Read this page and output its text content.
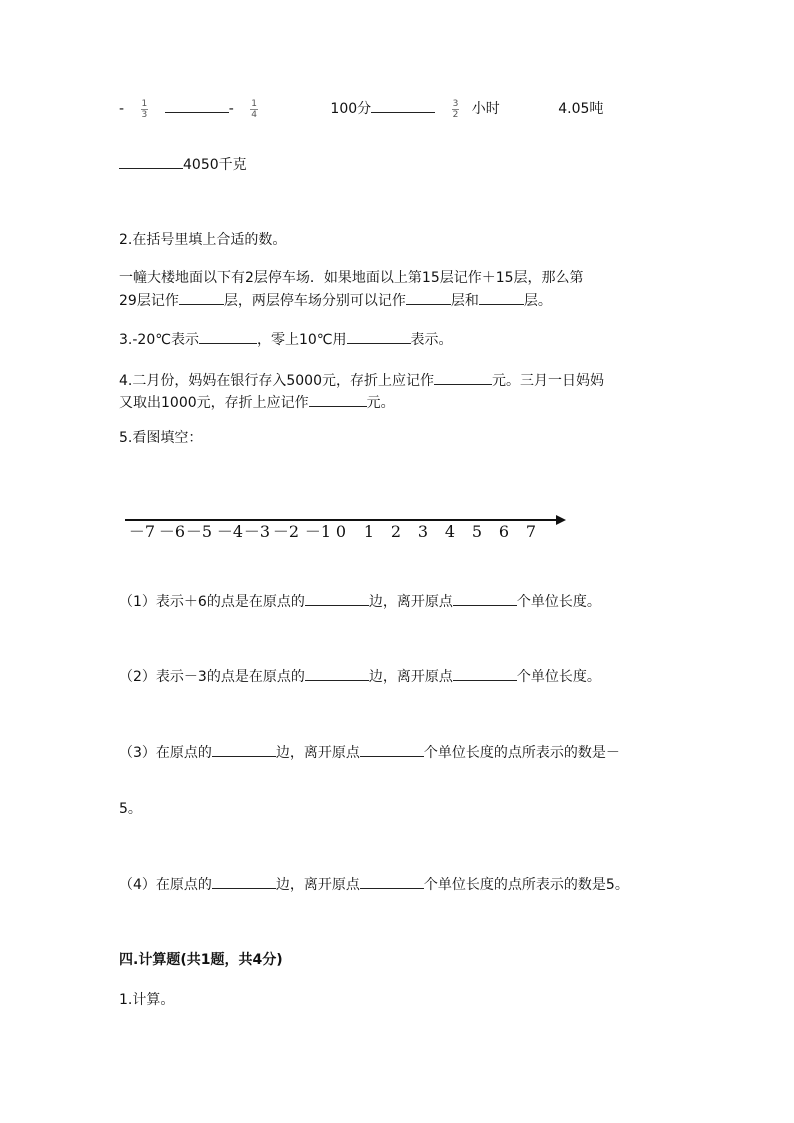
- $\frac{1}{3}$	- $\frac{1}{4}$	100分	$\frac{3}{2}$ 小时	4.05吨
4050千克
2.在括号里填上合适的数。
一幢大楼地面以下有2层停车场．如果地面以上第15层记作＋15层，那么第
29层记作	层，两层停车场分别可以记作	层和	层。
3.-20℃表示	，零上10℃用	表示。
4.二月份，妈妈在银行存入5000元，存折上应记作	元。三月一日妈妈
又取出1000元，存折上应记作	元。
5.看图填空：
－7 －6 －5 －4 －3 －2 －1 0 1 2 3 4 5 6 7
（1）表示＋6的点是在原点的	边，离开原点	个单位长度。
（2）表示－3的点是在原点的	边，离开原点	个单位长度。
（3）在原点的	边，离开原点	个单位长度的点所表示的数是－
5。
（4）在原点的	边，离开原点	个单位长度的点所表示的数是5。
四.计算题(共1题，共4分)
1.计算。
